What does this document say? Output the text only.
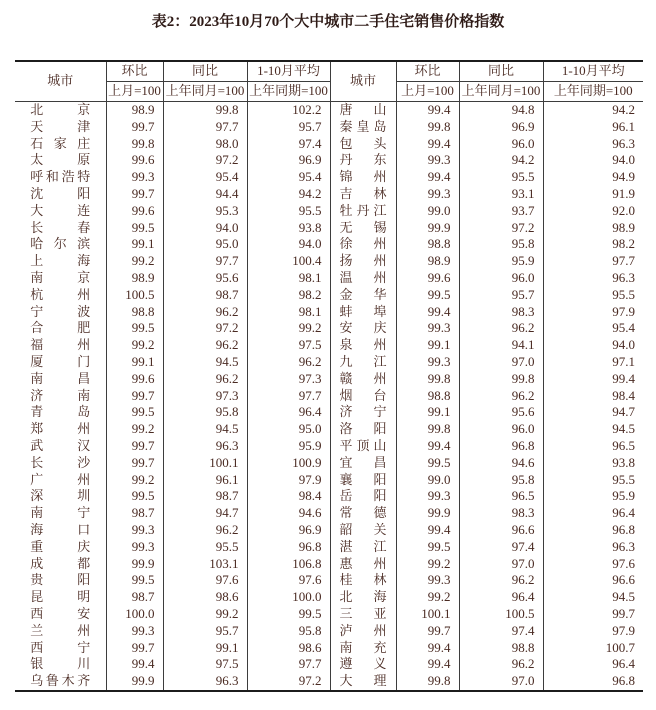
表2：2023年10月70个大中城市二手住宅销售价格指数
城市	环比	同比	1-10月平均	城市	环比	同比	1-10月平均
	上月=100	上年同月=100	上年同期=100		上月=100	上年同月=100	上年同期=100

北京	98.9	99.8	102.2	唐山	99.4	94.8	94.2

天津	99.7	97.7	95.7	秦皇岛	99.8	96.9	96.1

石家庄	99.8	98.0	97.4	包头	99.4	96.0	96.3

太原	99.6	97.2	96.9	丹东	99.3	94.2	94.0

呼和浩特	99.3	95.4	95.4	锦州	99.4	95.5	94.9

沈阳	99.7	94.4	94.2	吉林	99.3	93.1	91.9

大连	99.6	95.3	95.5	牡丹江	99.0	93.7	92.0

长春	99.5	94.0	93.8	无锡	99.9	97.2	98.9

哈尔滨	99.1	95.0	94.0	徐州	98.8	95.8	98.2

上海	99.2	97.7	100.4	扬州	98.9	95.9	97.7

南京	98.9	95.6	98.1	温州	99.6	96.0	96.3

杭州	100.5	98.7	98.2	金华	99.5	95.7	95.5

宁波	98.8	96.2	98.1	蚌埠	99.4	98.3	97.9

合肥	99.5	97.2	99.2	安庆	99.3	96.2	95.4

福州	99.2	96.2	97.5	泉州	99.1	94.1	94.0

厦门	99.1	94.5	96.2	九江	99.3	97.0	97.1

南昌	99.6	96.2	97.3	赣州	99.8	99.8	99.4

济南	99.7	97.3	97.7	烟台	98.8	96.2	98.4

青岛	99.5	95.8	96.4	济宁	99.1	95.6	94.7

郑州	99.2	94.5	95.0	洛阳	99.8	96.0	94.5

武汉	99.7	96.3	95.9	平顶山	99.4	96.8	96.5

长沙	99.7	100.1	100.9	宜昌	99.5	94.6	93.8

广州	99.2	96.1	97.9	襄阳	99.0	95.8	95.5

深圳	99.5	98.7	98.4	岳阳	99.3	96.5	95.9

南宁	98.7	94.7	94.6	常德	99.9	98.3	96.4

海口	99.3	96.2	96.9	韶关	99.4	96.6	96.8

重庆	99.3	95.5	96.8	湛江	99.5	97.4	96.3

成都	99.9	103.1	106.8	惠州	99.2	97.0	97.6

贵阳	99.5	97.6	97.6	桂林	99.3	96.2	96.6

昆明	98.7	98.6	100.0	北海	99.2	96.4	94.5

西安	100.0	99.2	99.5	三亚	100.1	100.5	99.7

兰州	99.3	95.7	95.8	泸州	99.7	97.4	97.9

西宁	99.7	99.1	98.6	南充	99.4	98.8	100.7

银川	99.4	97.5	97.7	遵义	99.4	96.2	96.4

乌鲁木齐	99.9	96.3	97.2	大理	99.8	97.0	96.8
